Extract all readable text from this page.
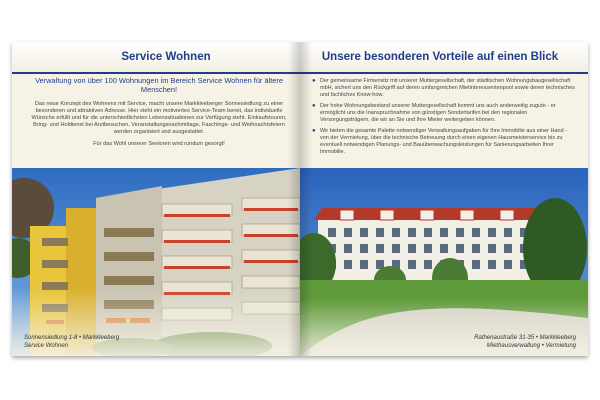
Service Wohnen

Verwaltung von über 100 Wohnungen im Bereich Service Wohnen für ältere Menschen!

Das neue Konzept des Wohnens mit Service, macht unsere Markkleeberger Sonnesiedlung zu einer besonderen und attraktiven Adresse. Hier steht ein motiviertes Service-Team bereit, das individuelle Wünsche erfüllt und für die unterschiedlichsten Lebenssituationen zur Verfügung steht. Einkaufstouren, Bring- und Holdienst bei Arztbesuchen, Veranstaltungsnachmittage, Faschings- und Weihnachtsfeiern werden organisiert und ausgestattet.

Für das Wohl unserer Senioren wird rundum gesorgt!

Sonnensiedlung 1-8 • Markkleeberg
Service Wohnen
Unsere besonderen Vorteile auf einen Blick
● Der gemeinsame Firmensitz mit unserer Muttergesellschaft, der städtischen Wohnungsbaugesellschaft mbH, sichert uns den Rückgriff auf deren umfangreichen Mietinteressentenpool sowie deren technisches und fachliches Know-how.
● Der hohe Wohnungsbestand unserer Muttergesellschaft kommt uns auch anderweitig zugute - er ermöglicht uns die Inanspruchnahme von günstigen Sondertarifen bei den regionalen Versorgungsträgern, die wir an Sie und Ihre Mieter weitergeben können.
● Wir bieten die gesamte Palette notwendiger Verwaltungsaufgaben für Ihre Immobilie aus einer Hand - von der Vermietung, über die technische Betreuung durch einen eigenen Hausmeisterservice bis zu eventuell notwendigen Planungs- und Bauüberwachungsleistungen für Sanierungsarbeiten Ihrer Immobilie.
Rathenaustraße 31-35 • Markkleeberg
Miethausverwaltung • Vermietung
